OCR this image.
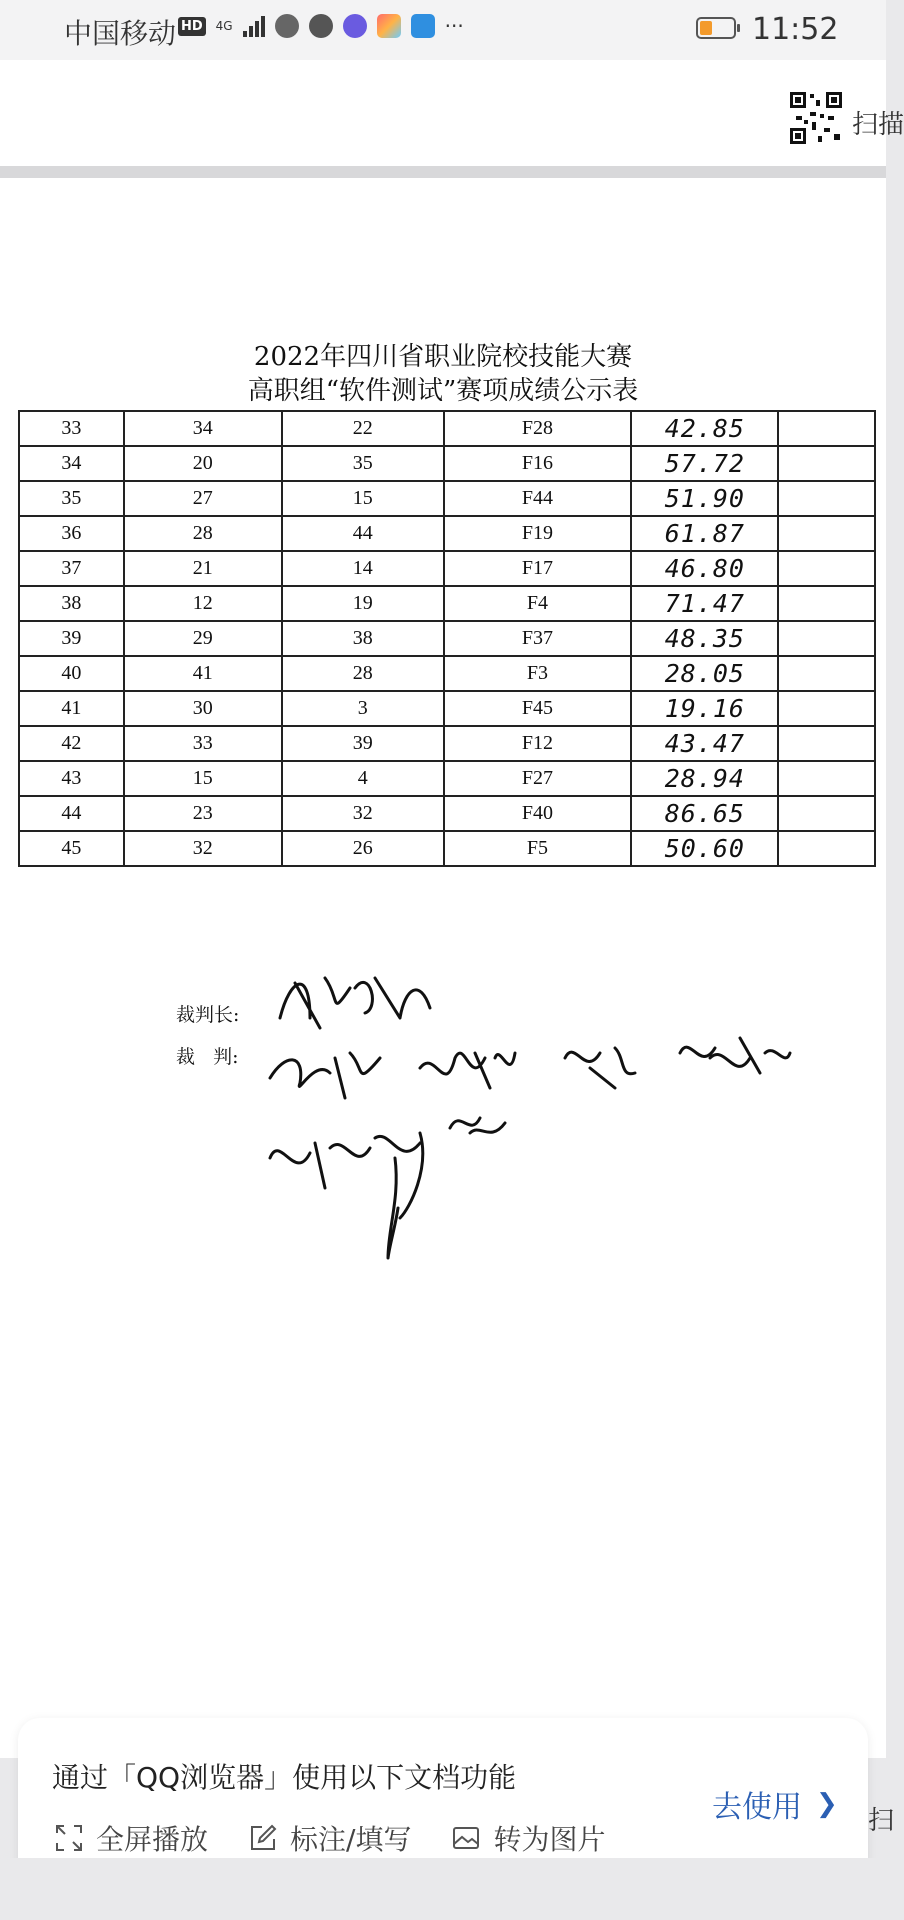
中国移动 HD 4G	···	11:52
扫描
2022年四川省职业院校技能大赛
高职组“软件测试”赛项成绩公示表
33	34	22	F28	42.85	
34	20	35	F16	57.72	
35	27	15	F44	51.90	
36	28	44	F19	61.87	
37	21	14	F17	46.80	
38	12	19	F4	71.47	
39	29	38	F37	48.35	
40	41	28	F3	28.05	
41	30	3	F45	19.16	
42	33	39	F12	43.47	
43	15	4	F27	28.94	
44	23	32	F40	86.65	
45	32	26	F5	50.60	
裁判长:
裁   判:
通过「QQ浏览器」使用以下文档功能
全屏播放	标注/填写	转为图片
去使用 ❯
扫
